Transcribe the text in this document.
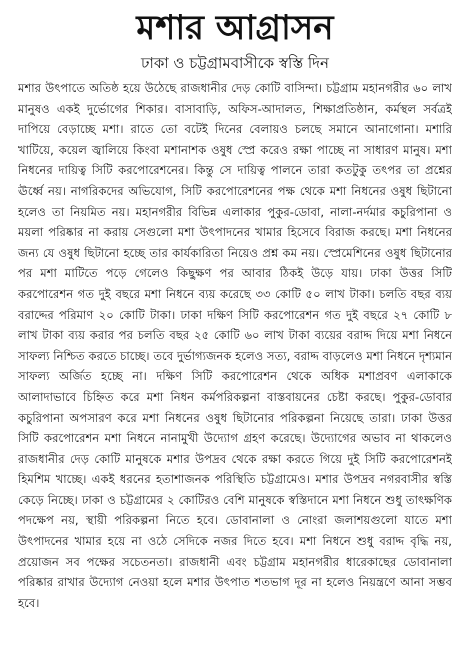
মশার আগ্রাসন
ঢাকা ও চট্টগ্রামবাসীকে স্বস্তি দিন

মশার উৎপাতে অতিষ্ঠ হয়ে উঠেছে রাজধানীর দেড় কোটি বাসিন্দা। চট্টগ্রাম মহানগরীর ৬০ লাখ মানুষও একই দুর্ভোগের শিকার। বাসাবাড়ি, অফিস-আদালত, শিক্ষাপ্রতিষ্ঠান, কর্মস্থল সর্বত্রই দাপিয়ে বেড়াচ্ছে মশা। রাতে তো বটেই দিনের বেলায়ও চলছে সমানে আনাগোনা। মশারি খাটিয়ে, কয়েল জ্বালিয়ে কিংবা মশানাশক ওষুধ স্প্রে করেও রক্ষা পাচ্ছে না সাধারণ মানুষ। মশা নিধনের দায়িত্ব সিটি করপোরেশনের। কিন্তু সে দায়িত্ব পালনে তারা কতটুকু তৎপর তা প্রশ্নের ঊর্ধ্বে নয়। নাগরিকদের অভিযোগ, সিটি করপোরেশনের পক্ষ থেকে মশা নিধনের ওষুধ ছিটানো হলেও তা নিয়মিত নয়। মহানগরীর বিভিন্ন এলাকার পুকুর-ডোবা, নালা-নর্দমার কচুরিপানা ও ময়লা পরিষ্কার না করায় সেগুলো মশা উৎপাদনের খামার হিসেবে বিরাজ করছে। মশা নিধনের জন্য যে ওষুধ ছিটানো হচ্ছে তার কার্যকারিতা নিয়েও প্রশ্ন কম নয়। স্প্রেমেশিনের ওষুধ ছিটানোর পর মশা মাটিতে পড়ে গেলেও কিছুক্ষণ পর আবার ঠিকই উড়ে যায়। ঢাকা উত্তর সিটি করপোরেশন গত দুই বছরে মশা নিধনে ব্যয় করেছে ৩৩ কোটি ৫০ লাখ টাকা। চলতি বছর ব্যয় বরাদ্দের পরিমাণ ২০ কোটি টাকা। ঢাকা দক্ষিণ সিটি করপোরেশন গত দুই বছরে ২৭ কোটি ৮ লাখ টাকা ব্যয় করার পর চলতি বছর ২৫ কোটি ৬০ লাখ টাকা ব্যয়ের বরাদ্দ দিয়ে মশা নিধনে সাফল্য নিশ্চিত করতে চাচ্ছে। তবে দুর্ভাগ্যজনক হলেও সত্য, বরাদ্দ বাড়লেও মশা নিধনে দৃশ্যমান সাফল্য অর্জিত হচ্ছে না। দক্ষিণ সিটি করপোরেশন থেকে অধিক মশাপ্রবণ এলাকাকে আলাদাভাবে চিহ্নিত করে মশা নিধন কর্মপরিকল্পনা বাস্তবায়নের চেষ্টা করছে। পুকুর-ডোবার কচুরিপানা অপসারণ করে মশা নিধনের ওষুধ ছিটানোর পরিকল্পনা নিয়েছে তারা। ঢাকা উত্তর সিটি করপোরেশন মশা নিধনে নানামুখী উদ্যোগ গ্রহণ করেছে। উদ্যোগের অভাব না থাকলেও রাজধানীর দেড় কোটি মানুষকে মশার উপদ্রব থেকে রক্ষা করতে গিয়ে দুই সিটি করপোরেশনই হিমশিম খাচ্ছে। একই ধরনের হতাশাজনক পরিস্থিতি চট্টগ্রামেও। মশার উপদ্রব নগরবাসীর স্বস্তি কেড়ে নিচ্ছে। ঢাকা ও চট্টগ্রামের ২ কোটিরও বেশি মানুষকে স্বস্তিদানে মশা নিধনে শুধু তাৎক্ষণিক পদক্ষেপ নয়, স্থায়ী পরিকল্পনা নিতে হবে। ডোবানালা ও নোংরা জলাশয়গুলো যাতে মশা উৎপাদনের খামার হয়ে না ওঠে সেদিকে নজর দিতে হবে। মশা নিধনে শুধু বরাদ্দ বৃদ্ধি নয়, প্রয়োজন সব পক্ষের সচেতনতা। রাজধানী এবং চট্টগ্রাম মহানগরীর ধারেকাছের ডোবানালা পরিষ্কার রাখার উদ্যোগ নেওয়া হলে মশার উৎপাত শতভাগ দূর না হলেও নিয়ন্ত্রণে আনা সম্ভব হবে।
